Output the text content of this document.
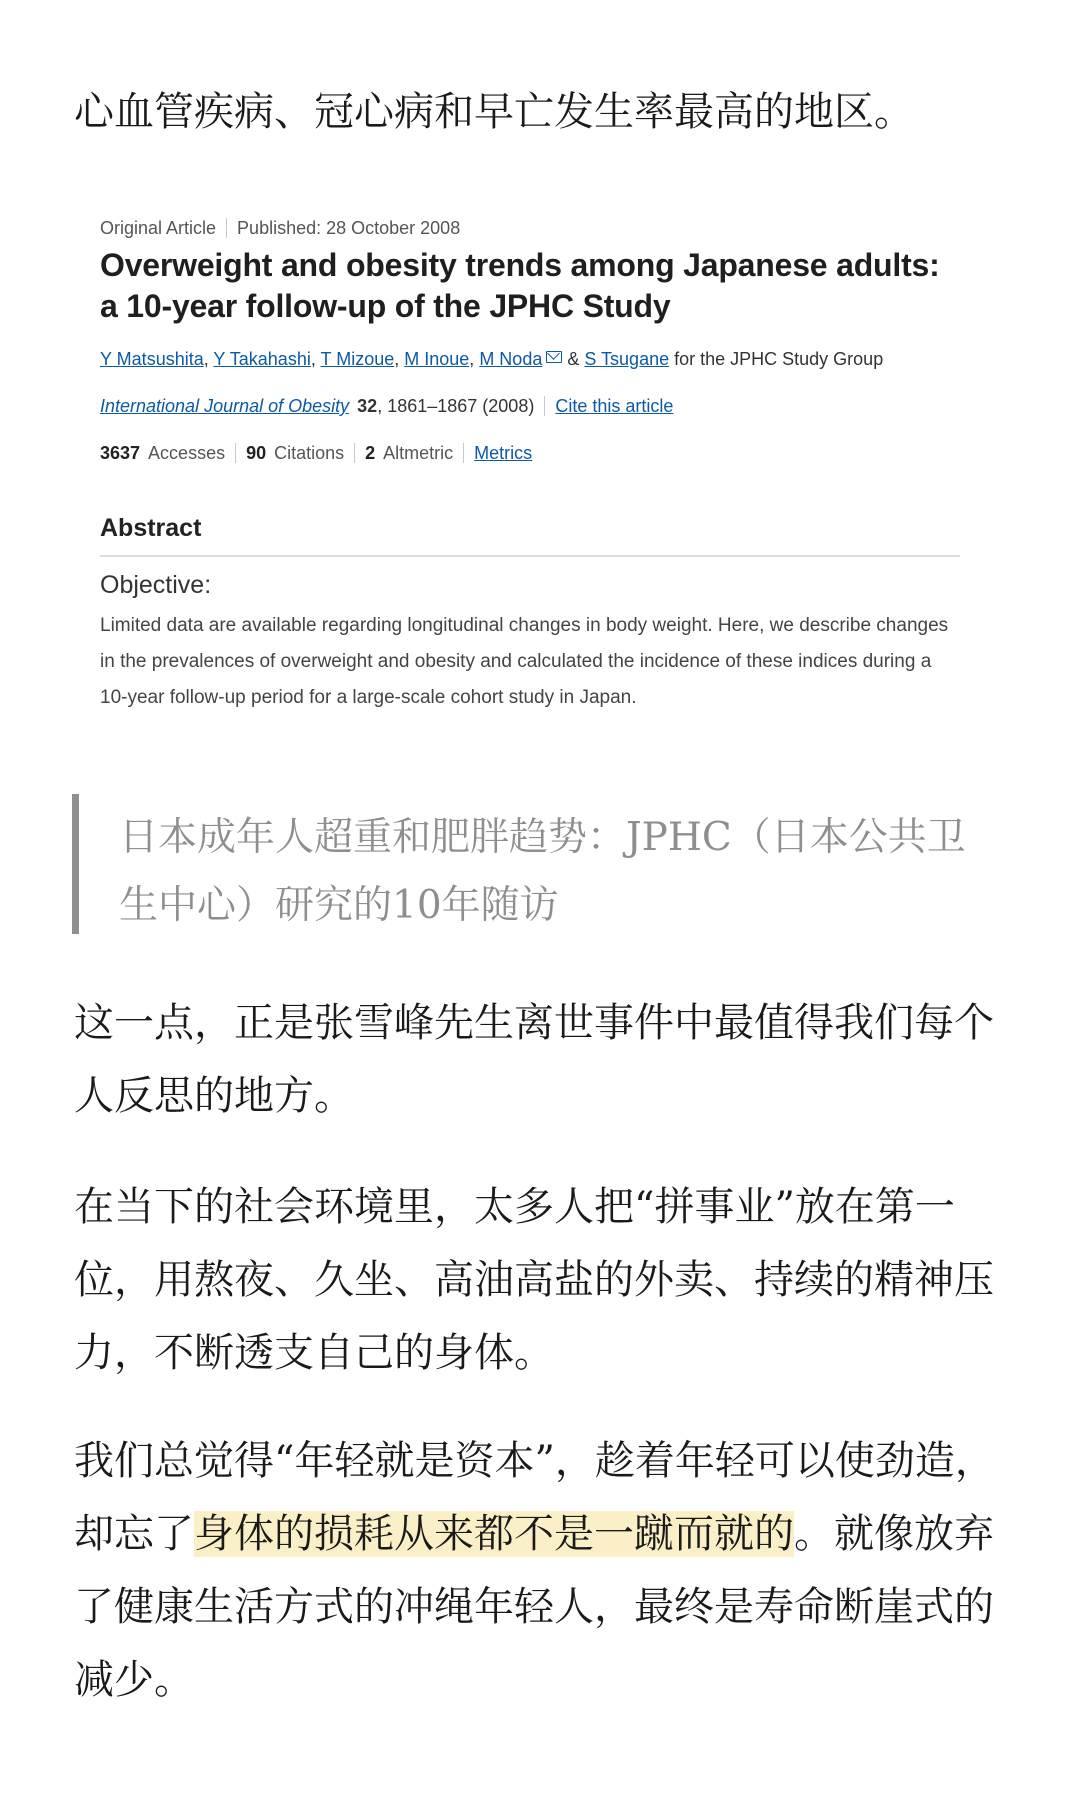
心血管疾病、冠心病和早亡发生率最高的地区。

Original Article Published: 28 October 2008
Overweight and obesity trends among Japanese adults: a 10-year follow-up of the JPHC Study
Y Matsushita, Y Takahashi, T Mizoue, M Inoue, M Noda & S Tsugane for the JPHC Study Group
International Journal of Obesity 32, 1861–1867 (2008) Cite this article
3637 Accesses 90 Citations 2 Altmetric Metrics
Abstract
Objective:
Limited data are available regarding longitudinal changes in body weight. Here, we describe changes in the prevalences of overweight and obesity and calculated the incidence of these indices during a 10-year follow-up period for a large-scale cohort study in Japan.

日本成年人超重和肥胖趋势：JPHC（日本公共卫生中心）研究的10年随访

这一点，正是张雪峰先生离世事件中最值得我们每个人反思的地方。

在当下的社会环境里，太多人把“拼事业”放在第一位，用熬夜、久坐、高油高盐的外卖、持续的精神压力，不断透支自己的身体。

我们总觉得“年轻就是资本”，趁着年轻可以使劲造，却忘了身体的损耗从来都不是一蹴而就的。就像放弃了健康生活方式的冲绳年轻人，最终是寿命断崖式的减少。
